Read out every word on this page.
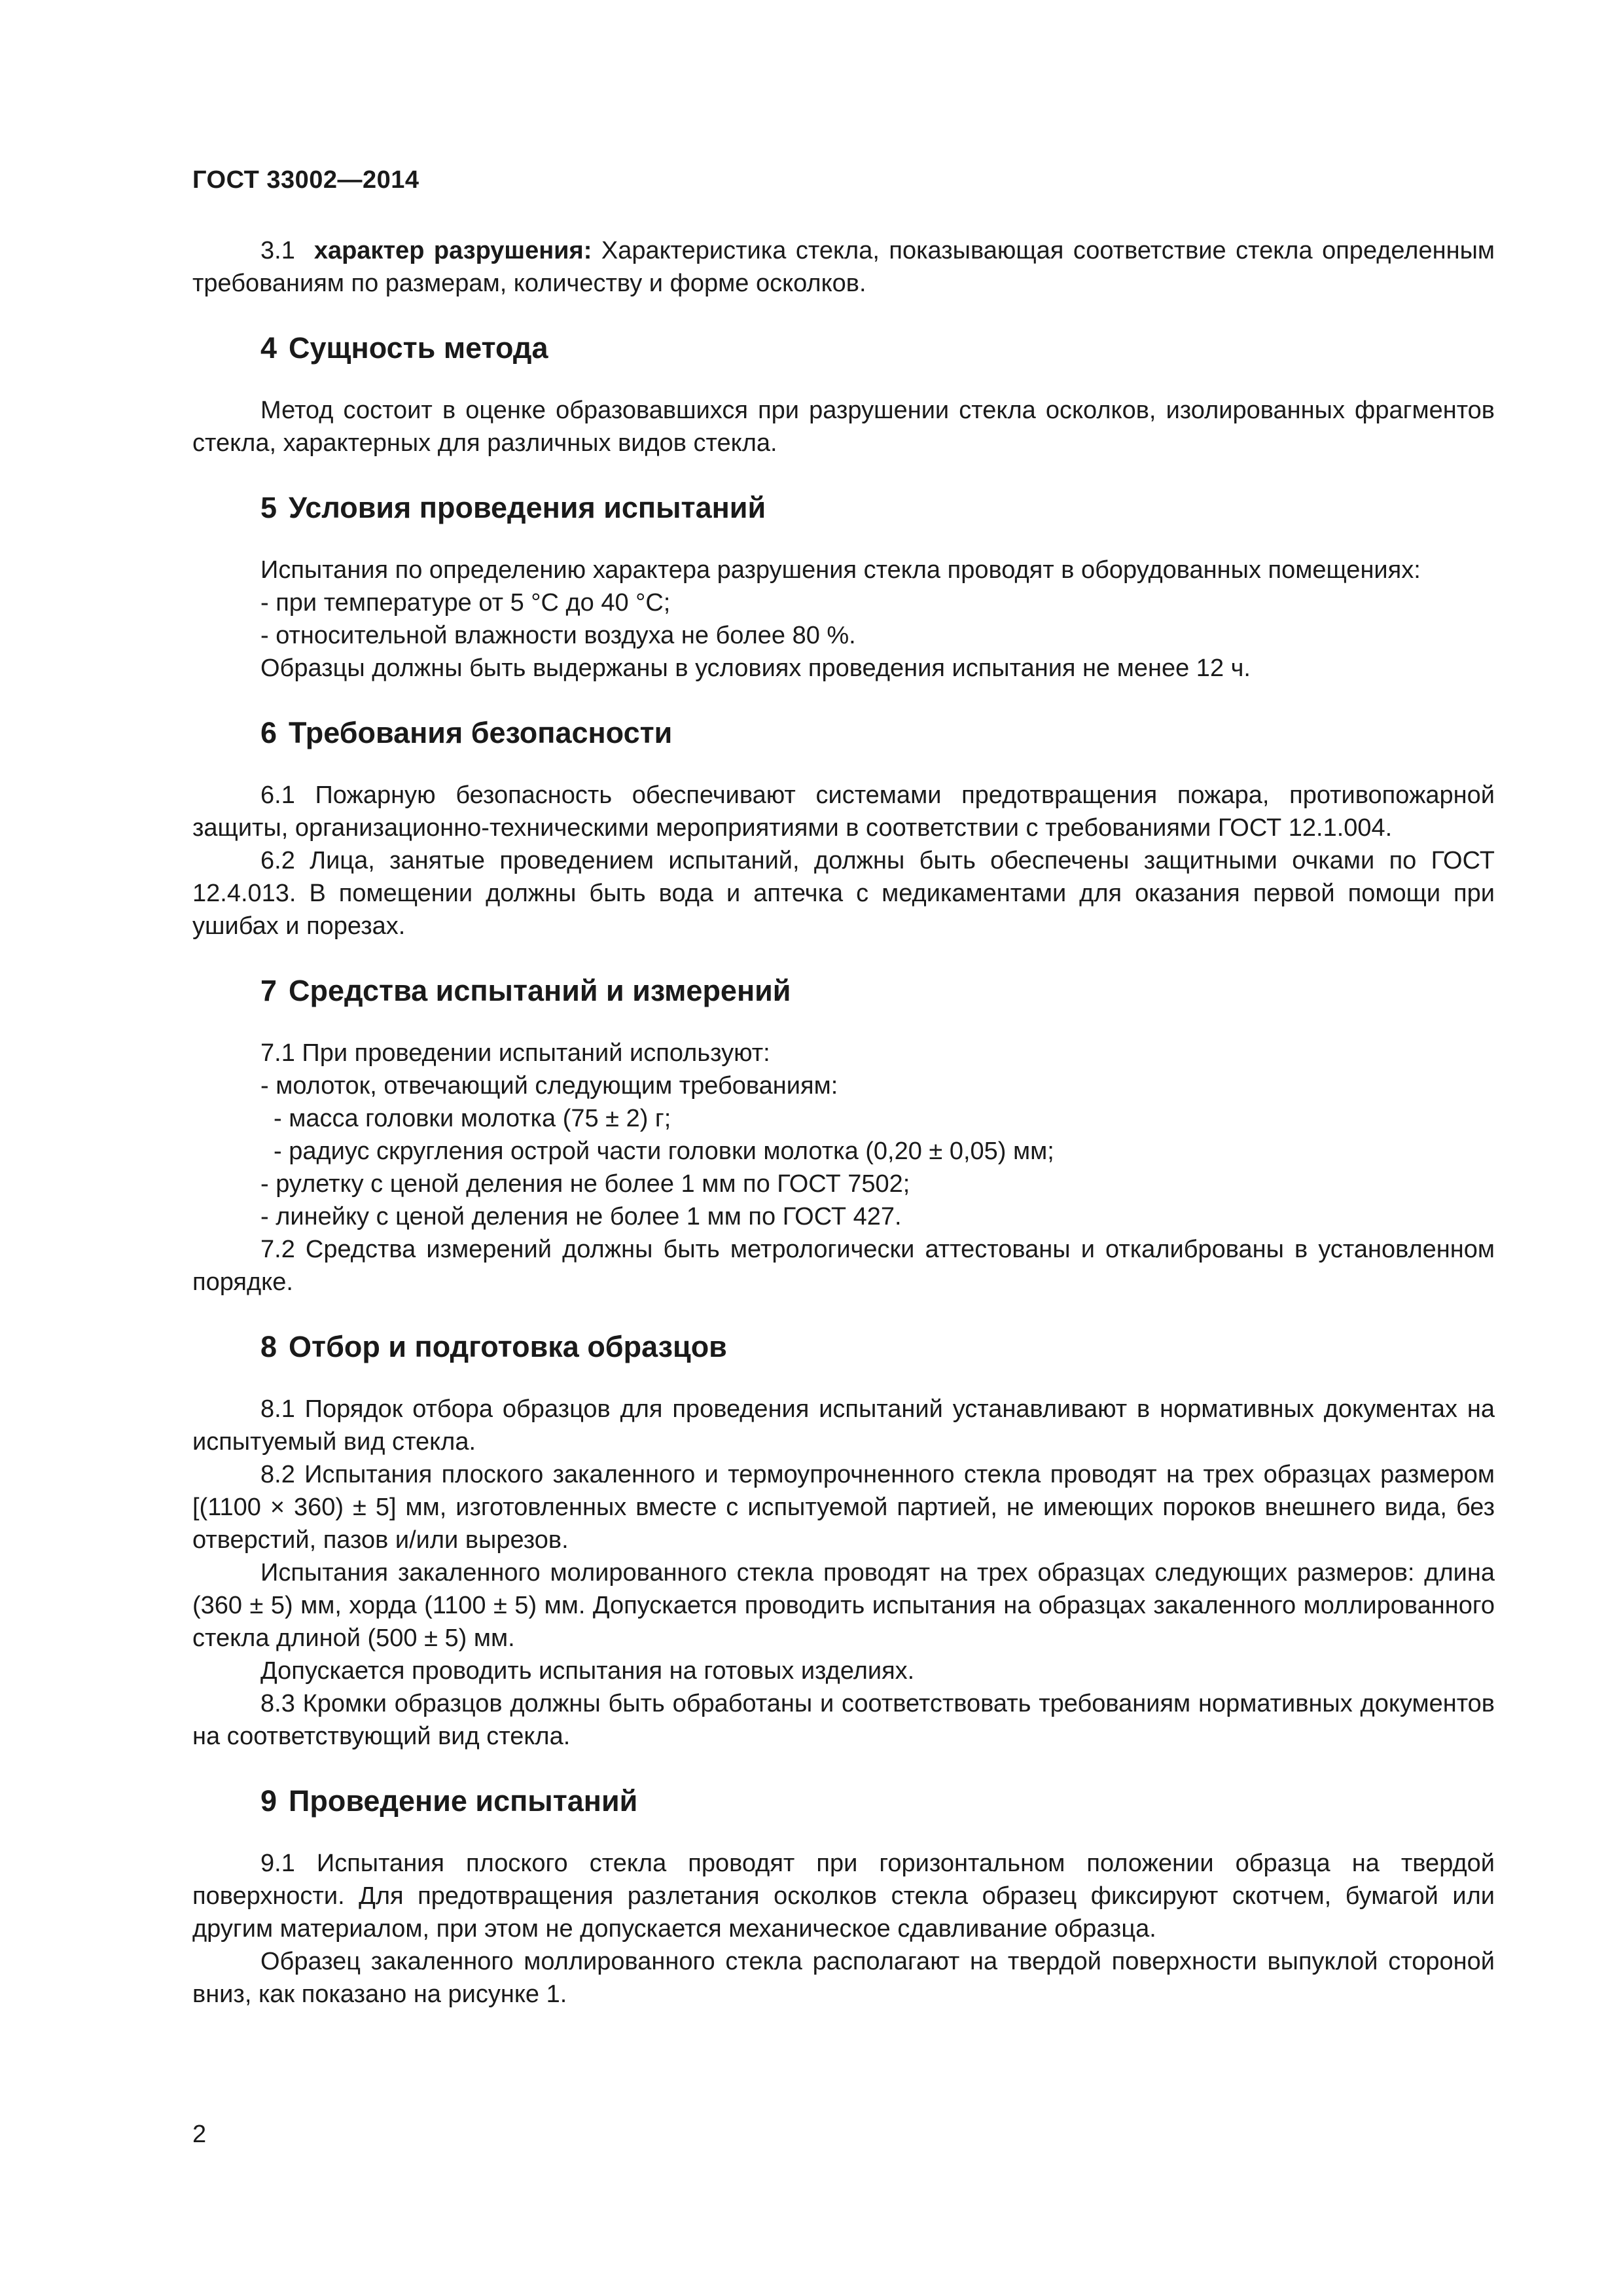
ГОСТ 33002—2014

3.1 характер разрушения: Характеристика стекла, показывающая соответствие стекла определенным требованиям по размерам, количеству и форме осколков.

4 Сущность метода

Метод состоит в оценке образовавшихся при разрушении стекла осколков, изолированных фрагментов стекла, характерных для различных видов стекла.

5 Условия проведения испытаний

Испытания по определению характера разрушения стекла проводят в оборудованных помещениях:

- при температуре от 5 °С до 40 °С;

- относительной влажности воздуха не более 80 %.

Образцы должны быть выдержаны в условиях проведения испытания не менее 12 ч.

6 Требования безопасности

6.1 Пожарную безопасность обеспечивают системами предотвращения пожара, противопожарной защиты, организационно-техническими мероприятиями в соответствии с требованиями ГОСТ 12.1.004.

6.2 Лица, занятые проведением испытаний, должны быть обеспечены защитными очками по ГОСТ 12.4.013. В помещении должны быть вода и аптечка с медикаментами для оказания первой помощи при ушибах и порезах.

7 Средства испытаний и измерений

7.1 При проведении испытаний используют:

- молоток, отвечающий следующим требованиям:

- масса головки молотка (75 ± 2) г;

- радиус скругления острой части головки молотка (0,20 ± 0,05) мм;

- рулетку с ценой деления не более 1 мм по ГОСТ 7502;

- линейку с ценой деления не более 1 мм по ГОСТ 427.

7.2 Средства измерений должны быть метрологически аттестованы и откалиброваны в установленном порядке.

8 Отбор и подготовка образцов

8.1 Порядок отбора образцов для проведения испытаний устанавливают в нормативных документах на испытуемый вид стекла.

8.2 Испытания плоского закаленного и термоупрочненного стекла проводят на трех образцах размером [(1100 × 360) ± 5] мм, изготовленных вместе с испытуемой партией, не имеющих пороков внешнего вида, без отверстий, пазов и/или вырезов.

Испытания закаленного молированного стекла проводят на трех образцах следующих размеров: длина (360 ± 5) мм, хорда (1100 ± 5) мм. Допускается проводить испытания на образцах закаленного моллированного стекла длиной (500 ± 5) мм.

Допускается проводить испытания на готовых изделиях.

8.3 Кромки образцов должны быть обработаны и соответствовать требованиям нормативных документов на соответствующий вид стекла.

9 Проведение испытаний

9.1 Испытания плоского стекла проводят при горизонтальном положении образца на твердой поверхности. Для предотвращения разлетания осколков стекла образец фиксируют скотчем, бумагой или другим материалом, при этом не допускается механическое сдавливание образца.

Образец закаленного моллированного стекла располагают на твердой поверхности выпуклой стороной вниз, как показано на рисунке 1.

2
